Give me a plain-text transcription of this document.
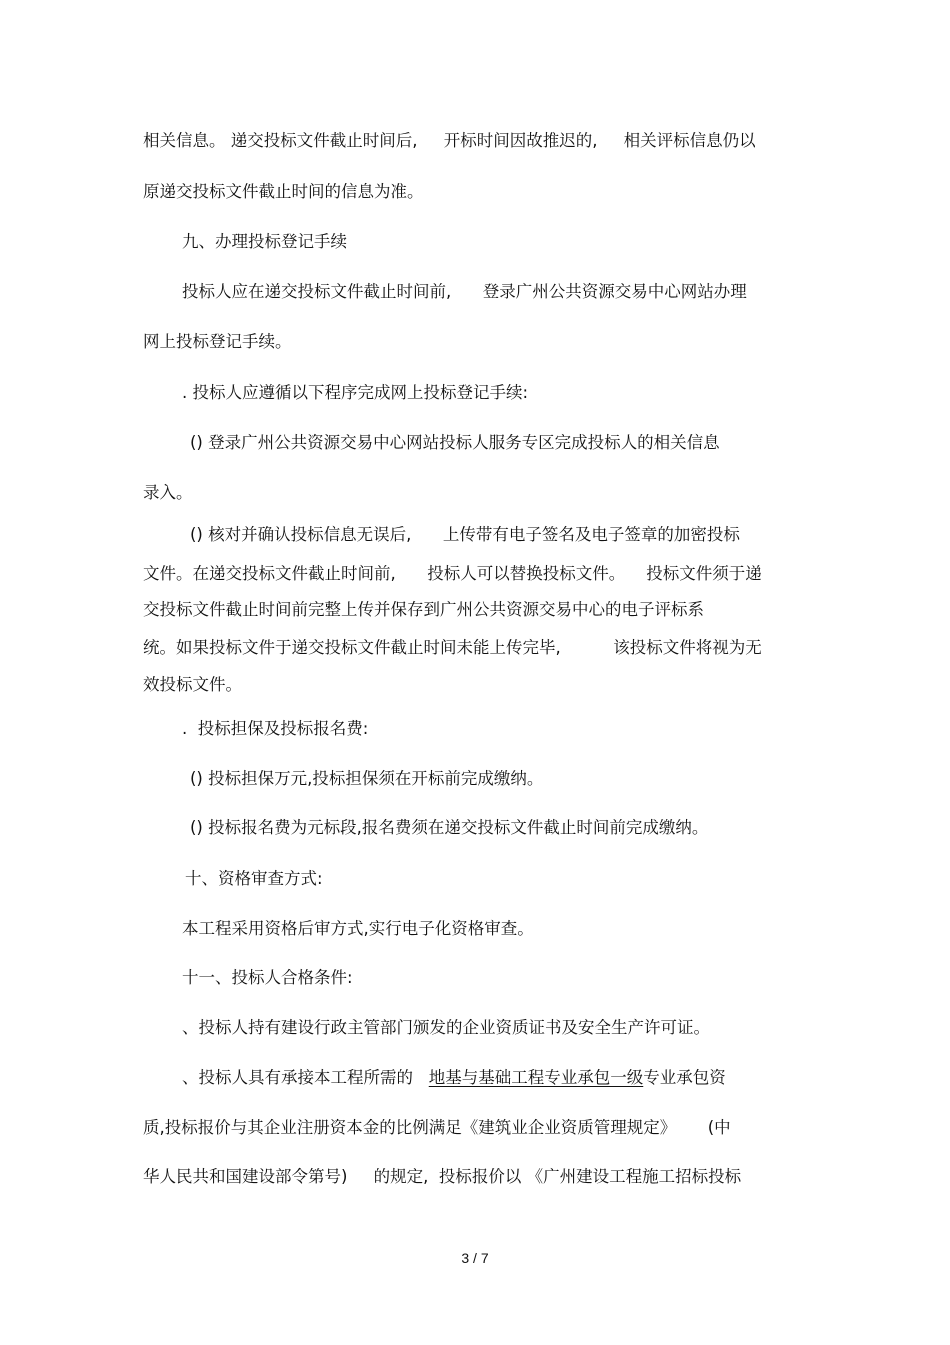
相关信息。 递交投标文件截止时间后,     开标时间因故推迟的,     相关评标信息仍以
原递交投标文件截止时间的信息为准。
九、办理投标登记手续
投标人应在递交投标文件截止时间前,      登录广州公共资源交易中心网站办理
网上投标登记手续。
. 投标人应遵循以下程序完成网上投标登记手续:
() 登录广州公共资源交易中心网站投标人服务专区完成投标人的相关信息
录入。
() 核对并确认投标信息无误后,      上传带有电子签名及电子签章的加密投标
文件。在递交投标文件截止时间前,      投标人可以替换投标文件。    投标文件须于递
交投标文件截止时间前完整上传并保存到广州公共资源交易中心的电子评标系
统。如果投标文件于递交投标文件截止时间未能上传完毕,          该投标文件将视为无
效投标文件。
.  投标担保及投标报名费:
() 投标担保万元,投标担保须在开标前完成缴纳。
() 投标报名费为元标段,报名费须在递交投标文件截止时间前完成缴纳。
十、资格审查方式:
本工程采用资格后审方式,实行电子化资格审查。
十一、投标人合格条件:
、投标人持有建设行政主管部门颁发的企业资质证书及安全生产许可证。
、投标人具有承接本工程所需的   地基与基础工程专业承包一级专业承包资
质,投标报价与其企业注册资本金的比例满足《建筑业企业资质管理规定》      (中
华人民共和国建设部令第号)     的规定,  投标报价以 《广州建设工程施工招标投标
3 / 7
